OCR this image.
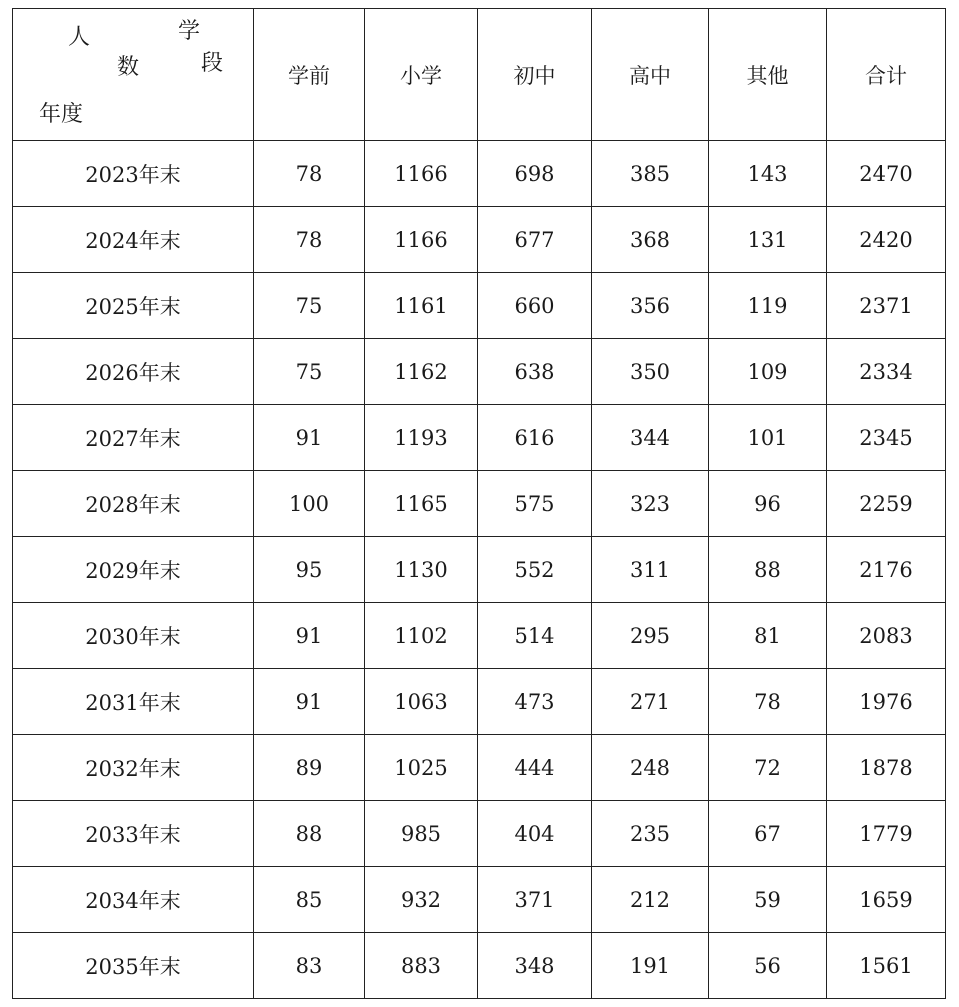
人 学
数 段
年度	学前	小学	初中	高中	其他	合计
2023年末	78	1166	698	385	143	2470
2024年末	78	1166	677	368	131	2420
2025年末	75	1161	660	356	119	2371
2026年末	75	1162	638	350	109	2334
2027年末	91	1193	616	344	101	2345
2028年末	100	1165	575	323	96	2259
2029年末	95	1130	552	311	88	2176
2030年末	91	1102	514	295	81	2083
2031年末	91	1063	473	271	78	1976
2032年末	89	1025	444	248	72	1878
2033年末	88	985	404	235	67	1779
2034年末	85	932	371	212	59	1659
2035年末	83	883	348	191	56	1561
